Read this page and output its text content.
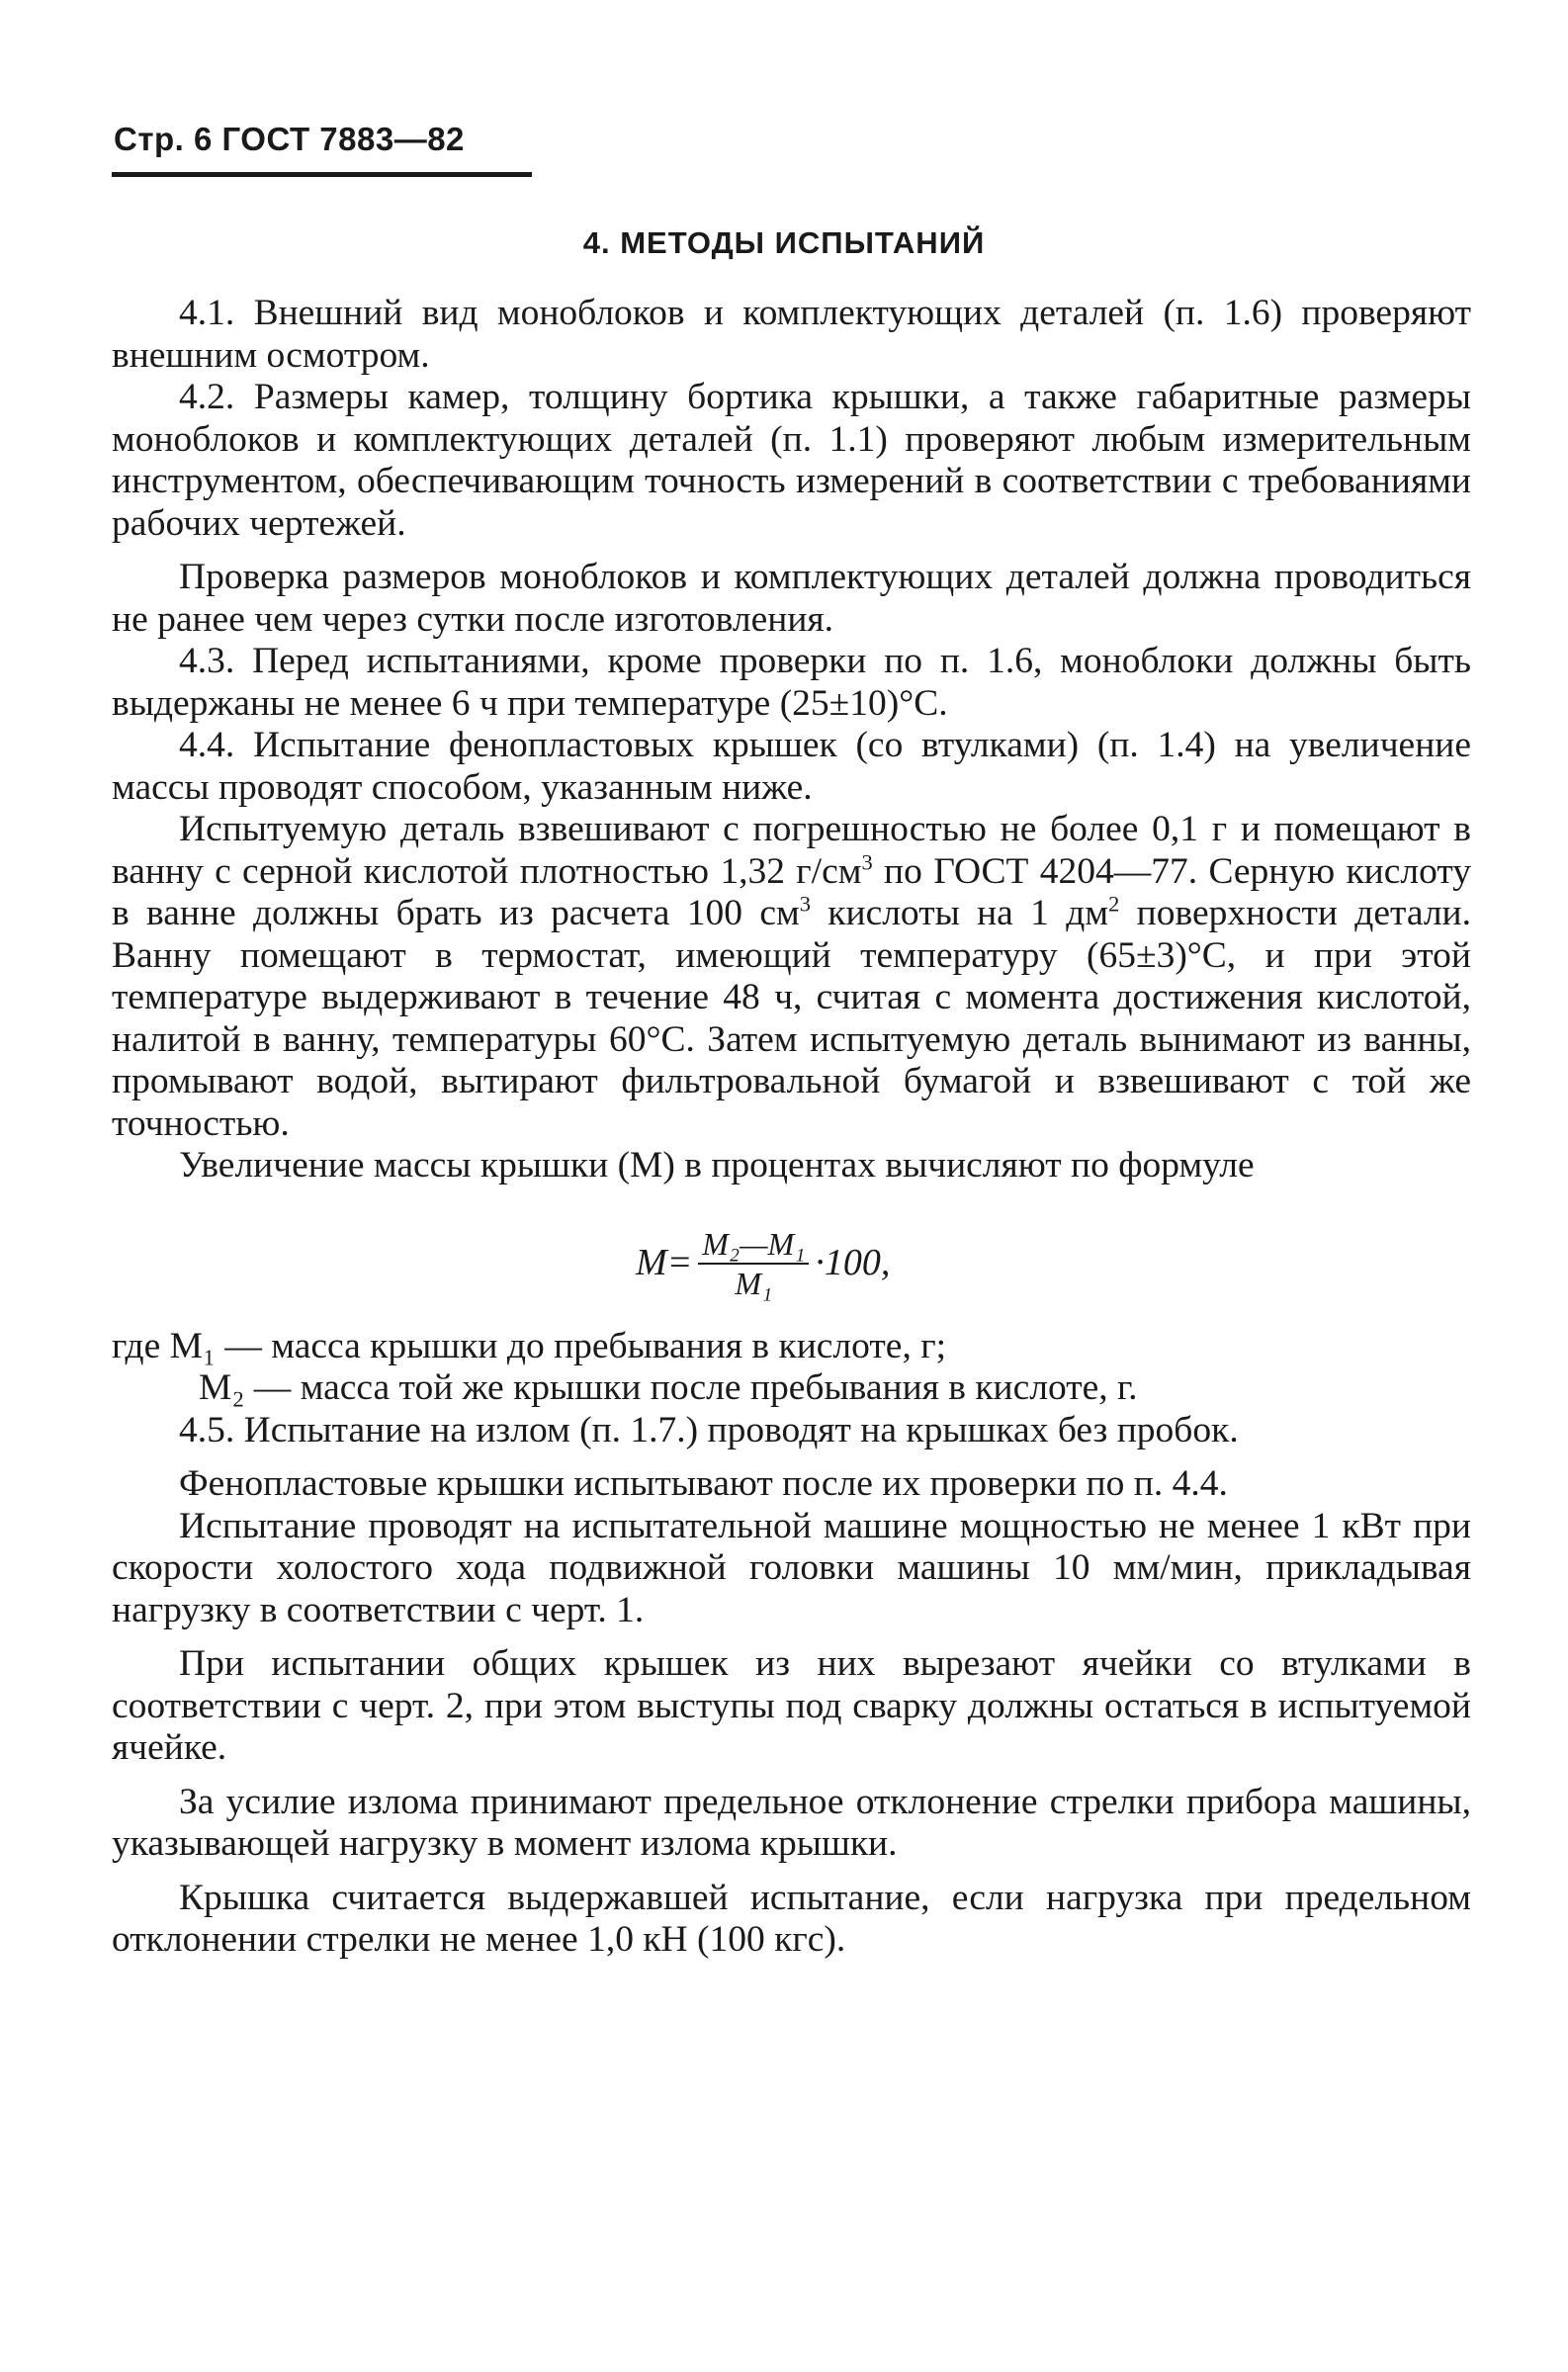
Стр. 6 ГОСТ 7883—82
4. МЕТОДЫ ИСПЫТАНИЙ

4.1. Внешний вид моноблоков и комплектующих деталей (п. 1.6) проверяют внешним осмотром.

4.2. Размеры камер, толщину бортика крышки, а также габаритные размеры моноблоков и комплектующих деталей (п. 1.1) проверяют любым измерительным инструментом, обеспечивающим точность измерений в соответствии с требованиями рабочих чертежей.

Проверка размеров моноблоков и комплектующих деталей должна проводиться не ранее чем через сутки после изготовления.

4.3. Перед испытаниями, кроме проверки по п. 1.6, моноблоки должны быть выдержаны не менее 6 ч при температуре (25±10)°С.

4.4. Испытание фенопластовых крышек (со втулками) (п. 1.4) на увеличение массы проводят способом, указанным ниже.

Испытуемую деталь взвешивают с погрешностью не более 0,1 г и помещают в ванну с серной кислотой плотностью 1,32 $г/см^3$ по ГОСТ 4204—77. Серную кислоту в ванне должны брать из расчета 100 $см^3$ кислоты на 1 $дм^2$ поверхности детали. Ванну помещают в термостат, имеющий температуру (65±3)°С, и при этой температуре выдерживают в течение 48 ч, считая с момента достижения кислотой, налитой в ванну, температуры 60°С. Затем испытуемую деталь вынимают из ванны, промывают водой, вытирают фильтровальной бумагой и взвешивают с той же точностью.

Увеличение массы крышки (M) в процентах вычисляют по формуле

$M= \frac{\text{M₂—M₁}}{\text{M₁}} \cdot 100$,

где M₁ — масса крышки до пребывания в кислоте, г;

M₂ — масса той же крышки после пребывания в кислоте, г.

4.5. Испытание на излом (п. 1.7.) проводят на крышках без пробок.

Фенопластовые крышки испытывают после их проверки по п. 4.4.

Испытание проводят на испытательной машине мощностью не менее 1 кВт при скорости холостого хода подвижной головки машины 10 мм/мин, прикладывая нагрузку в соответствии с черт. 1.

При испытании общих крышек из них вырезают ячейки со втулками в соответствии с черт. 2, при этом выступы под сварку должны остаться в испытуемой ячейке.

За усилие излома принимают предельное отклонение стрелки прибора машины, указывающей нагрузку в момент излома крышки.

Крышка считается выдержавшей испытание, если нагрузка при предельном отклонении стрелки не менее 1,0 кН (100 кгс).
